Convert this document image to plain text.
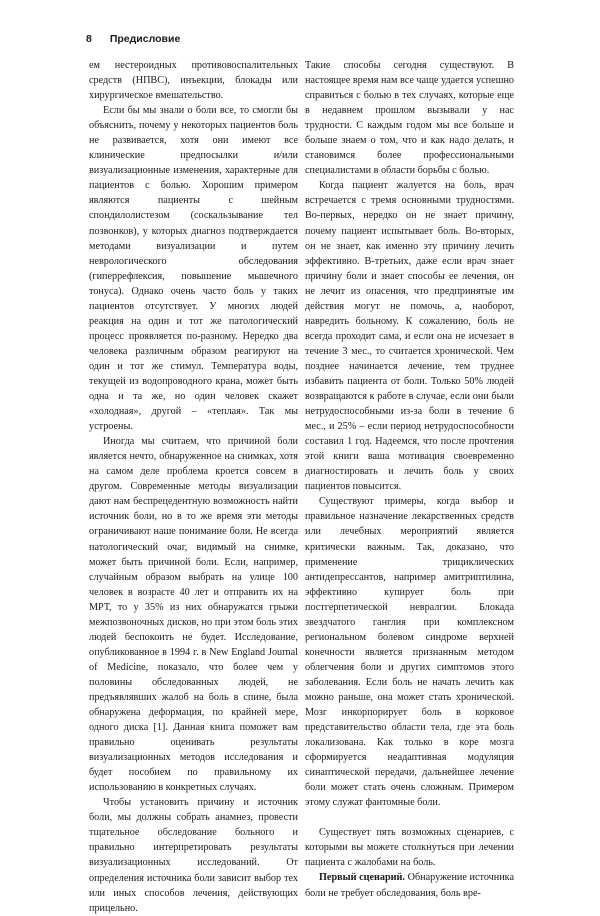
8 Предисловие

ем нестероидных противовоспалительных средств (НПВС), инъекции, блокады или хирургическое вмешательство.

Если бы мы знали о боли все, то смогли бы объяснить, почему у некоторых пациентов боль не развивается, хотя они имеют все клинические предпосылки и/или визуализационные изменения, характерные для пациентов с болью. Хорошим примером являются пациенты с шейным спондилолистезом (соскальзывание тел позвонков), у которых диагноз подтверждается методами визуализации и путем неврологического обследования (гиперрефлексия, повышение мышечного тонуса). Однако очень часто боль у таких пациентов отсутствует. У многих людей реакция на один и тот же патологический процесс проявляется по-разному. Нередко два человека различным образом реагируют на один и тот же стимул. Температура воды, текущей из водопроводного крана, может быть одна и та же, но один человек скажет «холодная», другой – «теплая». Так мы устроены.

Иногда мы считаем, что причиной боли является нечто, обнаруженное на снимках, хотя на самом деле проблема кроется совсем в другом. Современные методы визуализации дают нам беспрецедентную возможность найти источник боли, но в то же время эти методы ограничивают наше понимание боли. Не всегда патологический очаг, видимый на снимке, может быть причиной боли. Если, например, случайным образом выбрать на улице 100 человек в возрасте 40 лет и отправить их на МРТ, то у 35% из них обнаружатся грыжи межпозвоночных дисков, но при этом боль этих людей беспокоить не будет. Исследование, опубликованное в 1994 г. в New England Journal of Medicine, показало, что более чем у половины обследованных людей, не предъявлявших жалоб на боль в спине, была обнаружена деформация, по крайней мере, одного диска [1]. Данная книга поможет вам правильно оценивать результаты визуализационных методов исследования и будет пособием по правильному их использованию в конкретных случаях.

Чтобы установить причину и источник боли, мы должны собрать анамнез, провести тщательное обследование больного и правильно интерпретировать результаты визуализационных исследований. От определения источника боли зависит выбор тех или иных способов лечения, действующих прицельно.

Такие способы сегодня существуют. В настоящее время нам все чаще удается успешно справиться с болью в тех случаях, которые еще в недавнем прошлом вызывали у нас трудности. С каждым годом мы все больше и больше знаем о том, что и как надо делать, и становимся более профессиональными специалистами в области борьбы с болью.

Когда пациент жалуется на боль, врач встречается с тремя основными трудностями. Во-первых, нередко он не знает причину, почему пациент испытывает боль. Во-вторых, он не знает, как именно эту причину лечить эффективно. В-третьих, даже если врач знает причину боли и знает способы ее лечения, он не лечит из опасения, что предпринятые им действия могут не помочь, а, наоборот, навредить больному. К сожалению, боль не всегда проходит сама, и если она не исчезает в течение 3 мес., то считается хронической. Чем позднее начинается лечение, тем труднее избавить пациента от боли. Только 50% людей возвращаются к работе в случае, если они были нетрудоспособными из-за боли в течение 6 мес., и 25% – если период нетрудоспособности составил 1 год. Надеемся, что после прочтения этой книги ваша мотивация своевременно диагностировать и лечить боль у своих пациентов повысится.

Существуют примеры, когда выбор и правильное назначение лекарственных средств или лечебных мероприятий является критически важным. Так, доказано, что применение трициклических антидепрессантов, например амитриптилина, эффективно купирует боль при постгерпетической невралгии. Блокада звездчатого ганглия при комплексном региональном болевом синдроме верхней конечности является признанным методом облегчения боли и других симптомов этого заболевания. Если боль не начать лечить как можно раньше, она может стать хронической. Мозг инкорпорирует боль в корковое представительство области тела, где эта боль локализована. Как только в коре мозга сформируется неадаптивная модуляция синаптической передачи, дальнейшее лечение боли может стать очень сложным. Примером этому служат фантомные боли.

Существует пять возможных сценариев, с которыми вы можете столкнуться при лечении пациента с жалобами на боль.

Первый сценарий. Обнаружение источника боли не требует обследования, боль вре-
